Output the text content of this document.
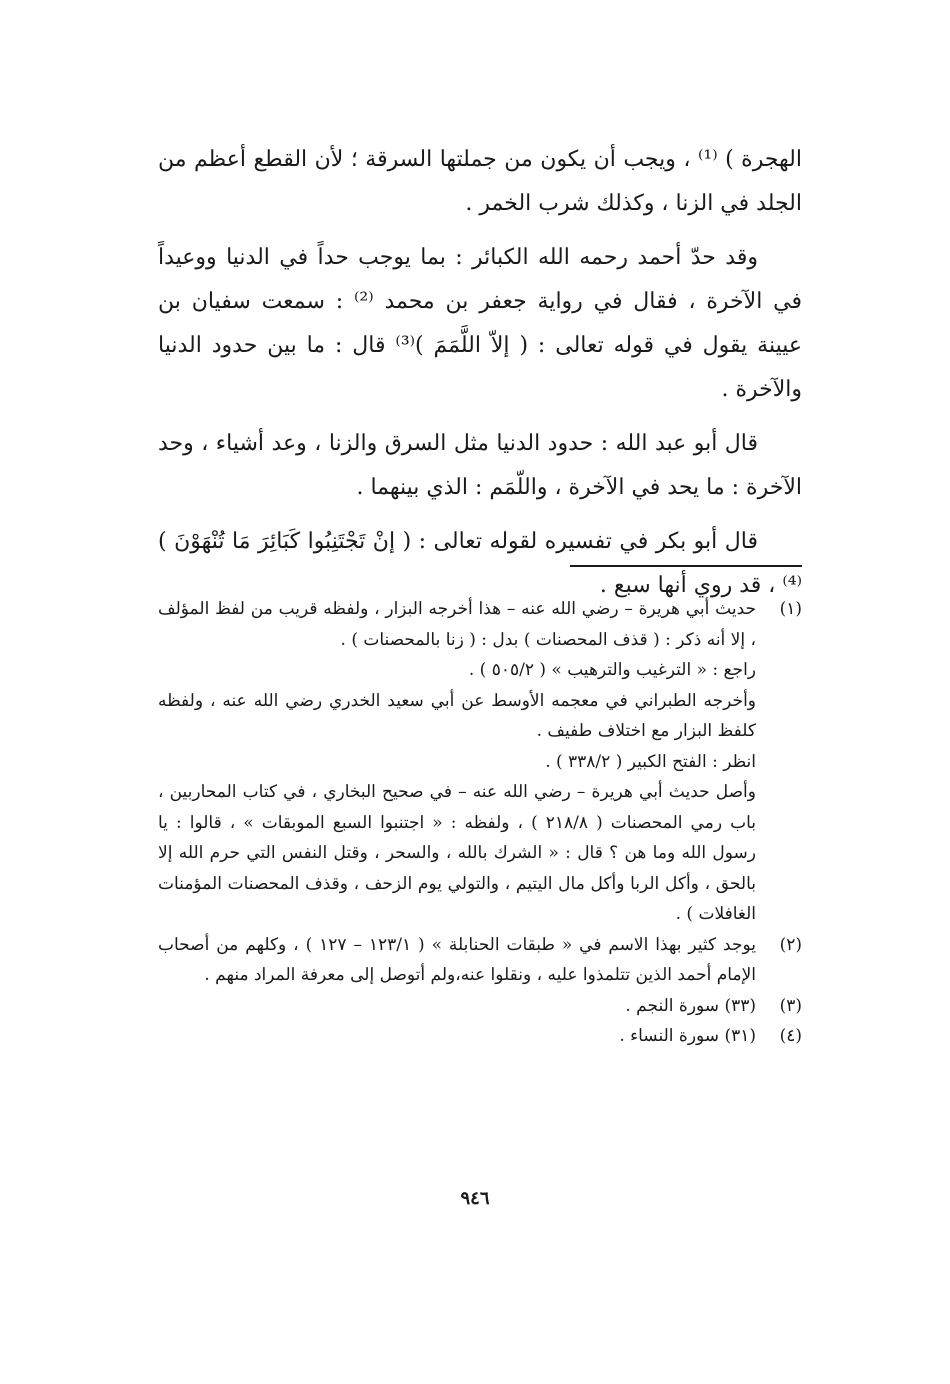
الهجرة ) ⁽¹⁾ ، ويجب أن يكون من جملتها السرقة ؛ لأن القطع أعظم من الجلد في الزنا ، وكذلك شرب الخمر .

وقد حدّ أحمد رحمه الله الكبائر : بما يوجب حداً في الدنيا ووعيداً في الآخرة ، فقال في رواية جعفر بن محمد ⁽²⁾ : سمعت سفيان بن عيينة يقول في قوله تعالى : ( إلاّ اللَّمَمَ )⁽³⁾ قال : ما بين حدود الدنيا والآخرة .

قال أبو عبد الله : حدود الدنيا مثل السرق والزنا ، وعد أشياء ، وحد الآخرة : ما يحد في الآخرة ، واللّمَم : الذي بينهما .

قال أبو بكر في تفسيره لقوله تعالى : ( إنْ تَجْتَنِبُوا كَبَائِرَ مَا تُنْهَوْنَ ) ⁽⁴⁾ ، قد روي أنها سبع .

(١)
حديث أبي هريرة – رضي الله عنه – هذا أخرجه البزار ، ولفظه قريب من لفظ المؤلف ، إلا أنه ذكر : ( قذف المحصنات ) بدل : ( زنا بالمحصنات ) .
راجع : « الترغيب والترهيب » ( ٥٠٥/٢ ) .
وأخرجه الطبراني في معجمه الأوسط عن أبي سعيد الخدري رضي الله عنه ، ولفظه كلفظ البزار مع اختلاف طفيف .
انظر : الفتح الكبير ( ٣٣٨/٢ ) .
وأصل حديث أبي هريرة – رضي الله عنه – في صحيح البخاري ، في كتاب المحاربين ، باب رمي المحصنات ( ٢١٨/٨ ) ، ولفظه : « اجتنبوا السبع الموبقات » ، قالوا : يا رسول الله وما هن ؟ قال : « الشرك بالله ، والسحر ، وقتل النفس التي حرم الله إلا بالحق ، وأكل الربا وأكل مال اليتيم ، والتولي يوم الزحف ، وقذف المحصنات المؤمنات الغافلات ) .
(٢)
يوجد كثير بهذا الاسم في « طبقات الحنابلة » ( ١٢٣/١ – ١٢٧ ) ، وكلهم من أصحاب الإمام أحمد الذين تتلمذوا عليه ، ونقلوا عنه،ولم أتوصل إلى معرفة المراد منهم .
(٣)
(٣٣) سورة النجم .
(٤)
(٣١) سورة النساء .
٩٤٦
